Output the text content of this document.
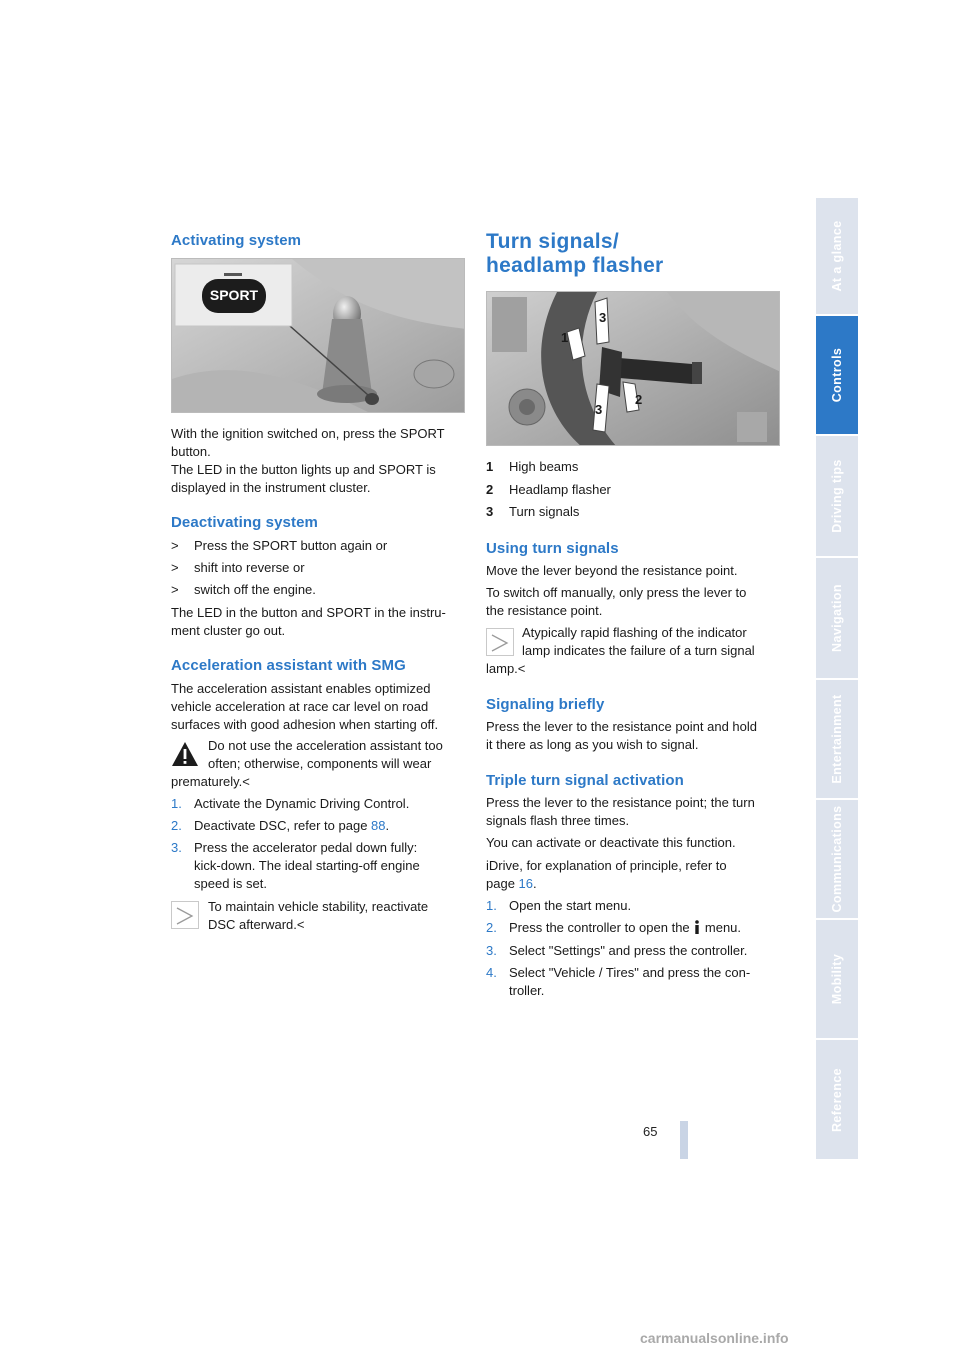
Activating system
SPORT
With the ignition switched on, press the SPORT
button.
The LED in the button lights up and SPORT is
displayed in the instrument cluster.
Deactivating system
> Press the SPORT button again or
> shift into reverse or
> switch off the engine.
The LED in the button and SPORT in the instru-
ment cluster go out.
Acceleration assistant with SMG
The acceleration assistant enables optimized
vehicle acceleration at race car level on road
surfaces with good adhesion when starting off.
Do not use the acceleration assistant too
often; otherwise, components will wear
prematurely.<
1. Activate the Dynamic Driving Control.
2. Deactivate DSC, refer to page 88.
3. Press the accelerator pedal down fully:
kick-down. The ideal starting-off engine
speed is set.
To maintain vehicle stability, reactivate
DSC afterward.<
Turn signals/
headlamp flasher
1
3
3
2
1 High beams
2 Headlamp flasher
3 Turn signals
Using turn signals
Move the lever beyond the resistance point.
To switch off manually, only press the lever to
the resistance point.
Atypically rapid flashing of the indicator
lamp indicates the failure of a turn signal
lamp.<
Signaling briefly
Press the lever to the resistance point and hold
it there as long as you wish to signal.
Triple turn signal activation
Press the lever to the resistance point; the turn
signals flash three times.
You can activate or deactivate this function.
iDrive, for explanation of principle, refer to
page 16.
1. Open the start menu.
2. Press the controller to open the  menu.
3. Select "Settings" and press the controller.
4. Select "Vehicle / Tires" and press the con-
troller.
At a glance
Controls
Driving tips
Navigation
Entertainment
Communications
Mobility
Reference
65
carmanualsonline.info
